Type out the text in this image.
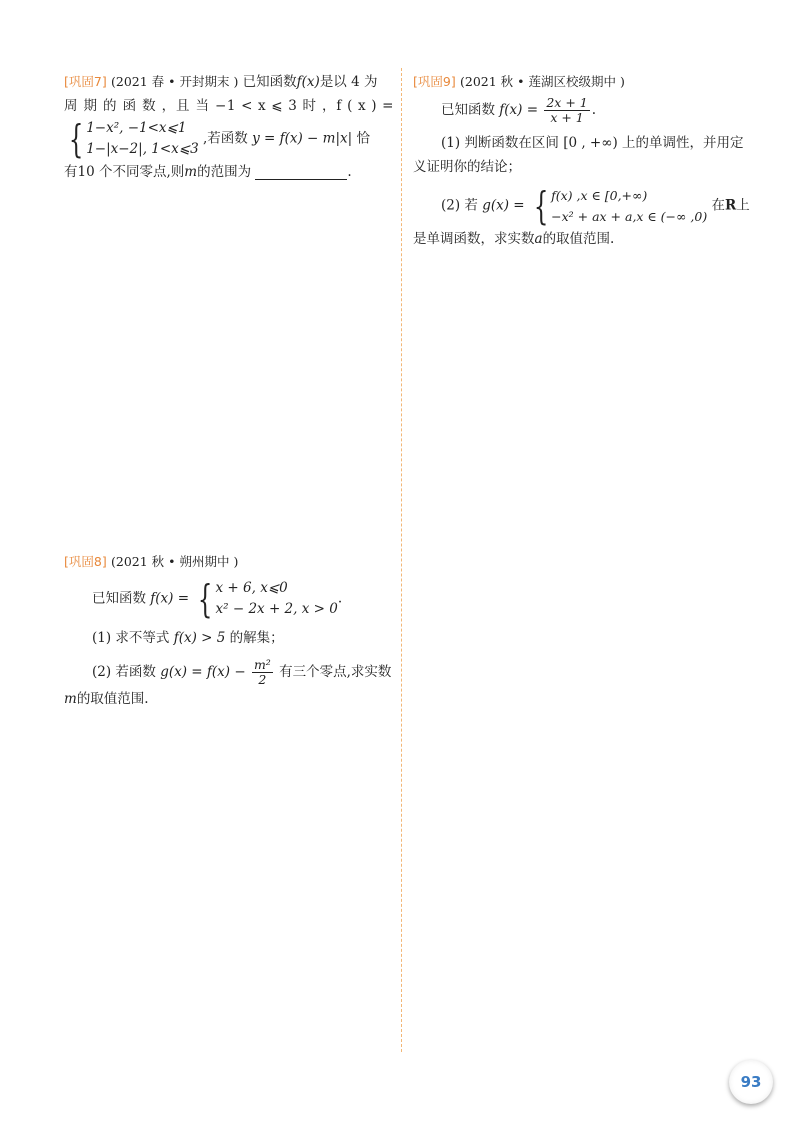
[巩固7] (2021 春 • 开封期末 ) 已知函数f(x)是以 4 为
周 期 的 函 数 ，且 当 −1 < x ⩽ 3 时 ，f ( x ) =
{ 1−x², −1<x⩽1
1−|x−2|, 1<x⩽3
,若函数 y = f(x) − m|x| 恰
有10 个不同零点,则m的范围为	.
[巩固8] (2021 秋 • 朔州期中 )
已知函数 f(x) = { x + 6, x⩽0
x² − 2x + 2, x > 0
.
(1) 求不等式 f(x) > 5 的解集；
(2) 若函数 $g(x) = f(x) - \frac{\text{m²}}{2}$ 有三个零点,求实数
m的取值范围.
[巩固9] (2021 秋 • 莲湖区校级期中 )
已知函数 $f(x) = \frac{2x + 1}{x + 1}$ .
(1) 判断函数在区间 [0 , +∞) 上的单调性，并用定
义证明你的结论；
(2) 若 g(x) = { f(x) ,x ∈ [0,+∞)
−x² + ax + a,x ∈ (−∞ ,0)
在R上
是单调函数，求实数a的取值范围.
93
